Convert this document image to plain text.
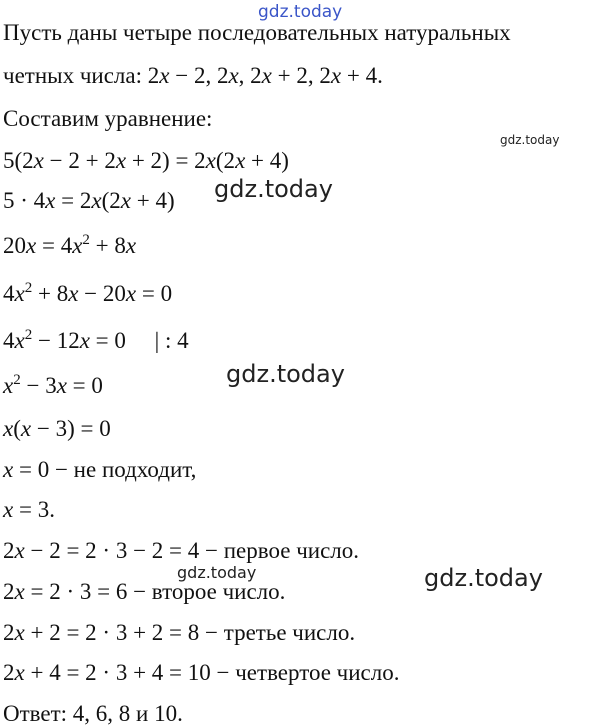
gdz.today
gdz.today
gdz.today
gdz.today
gdz.today	gdz.today
Пусть даны четыре последовательных натуральных
четных числа: 2x − 2, 2x, 2x + 2, 2x + 4.
Составим уравнение:
5(2x − 2 + 2x + 2) = 2x(2x + 4)
5 · 4x = 2x(2x + 4)
$20x = 4x^2 + 8x$
$4x^2 + 8x - 20x = 0$
$4x^2 - 12x = 0$     | : 4
$x^2 - 3x = 0$
x(x − 3) = 0
x = 0 − не подходит,
x = 3.
2x − 2 = 2 · 3 − 2 = 4 − первое число.
2x = 2 · 3 = 6 − второе число.
2x + 2 = 2 · 3 + 2 = 8 − третье число.
2x + 4 = 2 · 3 + 4 = 10 − четвертое число.
Ответ: 4, 6, 8 и 10.
